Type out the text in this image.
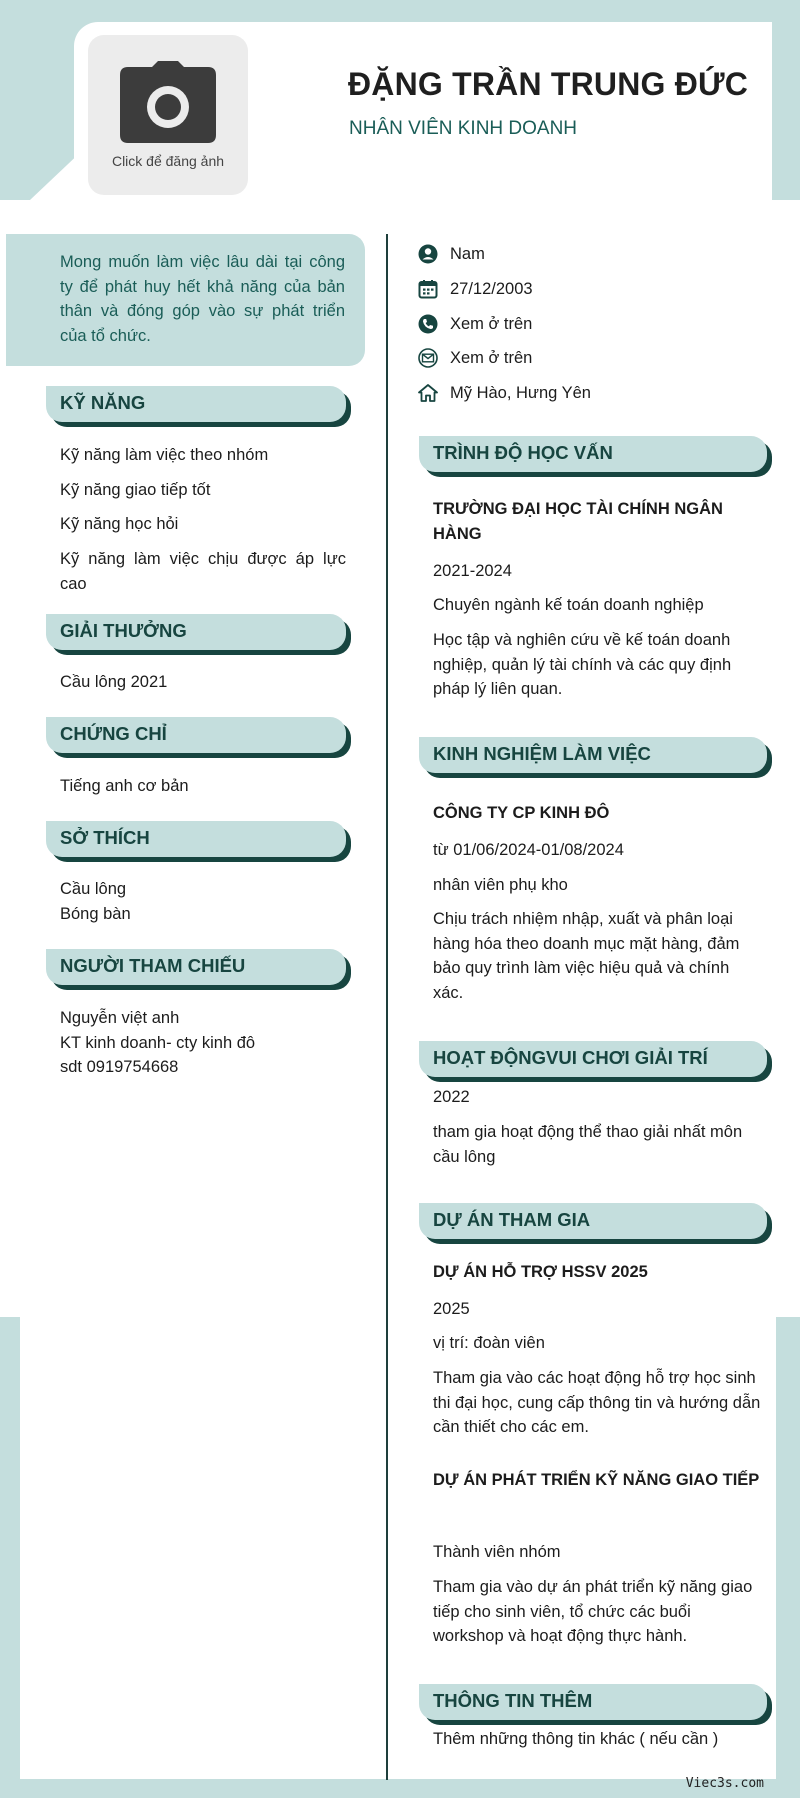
Click để đăng ảnh
ĐẶNG TRẦN TRUNG ĐỨC
NHÂN VIÊN KINH DOANH
Mong muốn làm việc lâu dài tại công ty để phát huy hết khả năng của bản thân và đóng góp vào sự phát triển của tổ chức.
KỸ NĂNG
Kỹ năng làm việc theo nhóm
Kỹ năng giao tiếp tốt
Kỹ năng học hỏi
Kỹ năng làm việc chịu được áp lực cao
GIẢI THƯỞNG
Cầu lông 2021
CHỨNG CHỈ
Tiếng anh cơ bản
SỞ THÍCH
Cầu lông
Bóng bàn
NGƯỜI THAM CHIẾU
Nguyễn việt anh
KT kinh doanh- cty kinh đô
sdt 0919754668
Nam
27/12/2003
Xem ở trên
Xem ở trên
Mỹ Hào, Hưng Yên
TRÌNH ĐỘ HỌC VẤN
TRƯỜNG ĐẠI HỌC TÀI CHÍNH NGÂN HÀNG
2021-2024
Chuyên ngành kế toán doanh nghiệp
Học tập và nghiên cứu về kế toán doanh nghiệp, quản lý tài chính và các quy định pháp lý liên quan.
KINH NGHIỆM LÀM VIỆC
CÔNG TY CP KINH ĐÔ
từ 01/06/2024-01/08/2024
nhân viên phụ kho
Chịu trách nhiệm nhập, xuất và phân loại hàng hóa theo doanh mục mặt hàng, đảm bảo quy trình làm việc hiệu quả và chính xác.
HOẠT ĐỘNGVUI CHƠI GIẢI TRÍ
2022
tham gia hoạt động thể thao giải nhất môn cầu lông
DỰ ÁN THAM GIA
DỰ ÁN HỖ TRỢ HSSV 2025
2025
vị trí: đoàn viên
Tham gia vào các hoạt động hỗ trợ học sinh thi đại học, cung cấp thông tin và hướng dẫn cần thiết cho các em.
DỰ ÁN PHÁT TRIỂN KỸ NĂNG GIAO TIẾP
Thành viên nhóm
Tham gia vào dự án phát triển kỹ năng giao tiếp cho sinh viên, tổ chức các buổi workshop và hoạt động thực hành.
THÔNG TIN THÊM
Thêm những thông tin khác ( nếu cần )
Viec3s.com
